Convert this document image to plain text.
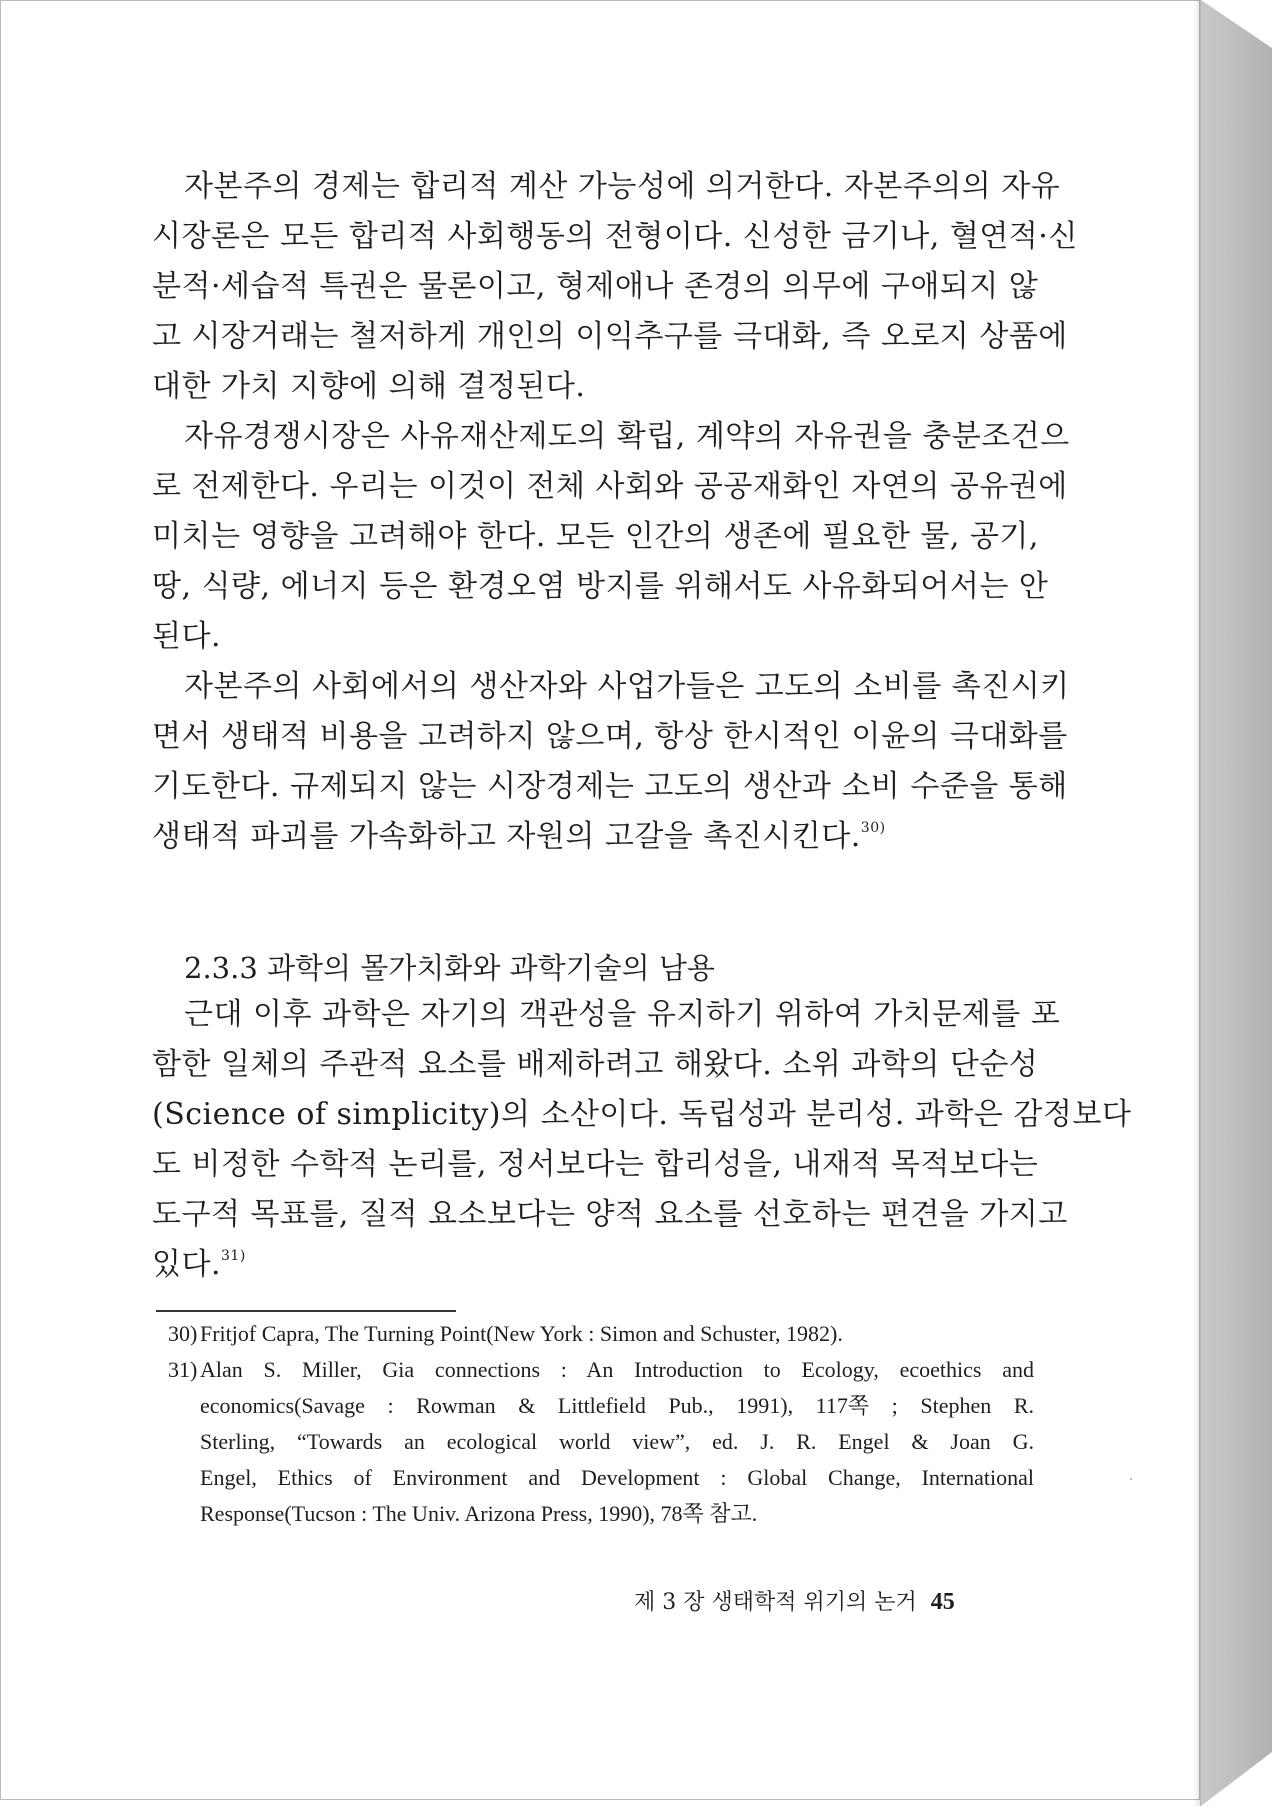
자본주의 경제는 합리적 계산 가능성에 의거한다. 자본주의의 자유
시장론은 모든 합리적 사회행동의 전형이다. 신성한 금기나, 혈연적·신
분적·세습적 특권은 물론이고, 형제애나 존경의 의무에 구애되지 않
고 시장거래는 철저하게 개인의 이익추구를 극대화, 즉 오로지 상품에
대한 가치 지향에 의해 결정된다.
자유경쟁시장은 사유재산제도의 확립, 계약의 자유권을 충분조건으
로 전제한다. 우리는 이것이 전체 사회와 공공재화인 자연의 공유권에
미치는 영향을 고려해야 한다. 모든 인간의 생존에 필요한 물, 공기,
땅, 식량, 에너지 등은 환경오염 방지를 위해서도 사유화되어서는 안
된다.
자본주의 사회에서의 생산자와 사업가들은 고도의 소비를 촉진시키
면서 생태적 비용을 고려하지 않으며, 항상 한시적인 이윤의 극대화를
기도한다. 규제되지 않는 시장경제는 고도의 생산과 소비 수준을 통해
생태적 파괴를 가속화하고 자원의 고갈을 촉진시킨다.$^{30)}$
2.3.3 과학의 몰가치화와 과학기술의 남용
근대 이후 과학은 자기의 객관성을 유지하기 위하여 가치문제를 포
함한 일체의 주관적 요소를 배제하려고 해왔다. 소위 과학의 단순성
(Science of simplicity)의 소산이다. 독립성과 분리성. 과학은 감정보다
도 비정한 수학적 논리를, 정서보다는 합리성을, 내재적 목적보다는
도구적 목표를, 질적 요소보다는 양적 요소를 선호하는 편견을 가지고
있다.$^{31)}$
30) Fritjof Capra, The Turning Point(New York : Simon and Schuster, 1982).
31) Alan S. Miller, Gia connections : An Introduction to Ecology, ecoethics and
economics(Savage : Rowman & Littlefield Pub., 1991), 117쪽 ; Stephen R.
Sterling, “Towards an ecological world view”, ed. J. R. Engel & Joan G.
Engel, Ethics of Environment and Development : Global Change, International
Response(Tucson : The Univ. Arizona Press, 1990), 78쪽 참고.
제 3 장 생태학적 위기의 논거 45
